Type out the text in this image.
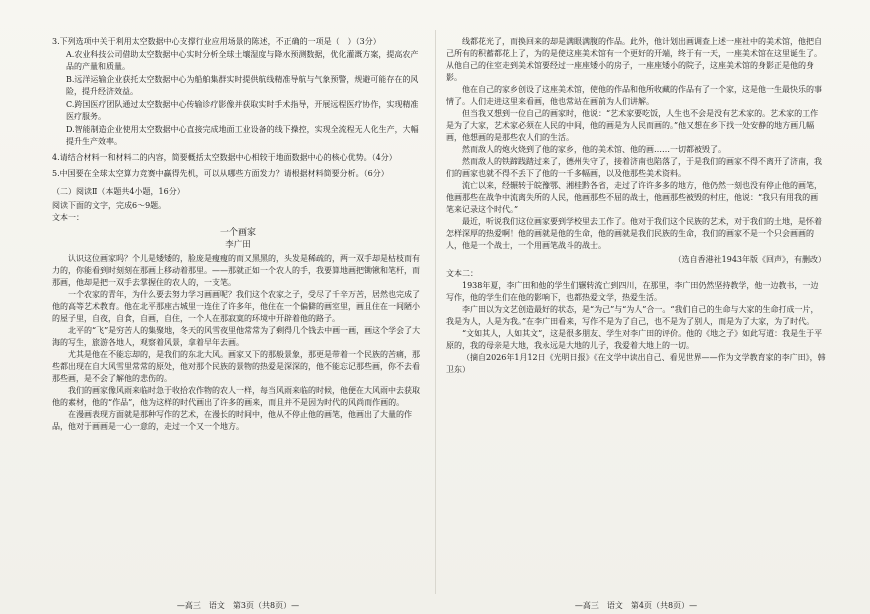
3.下列选项中关于利用太空数据中心支撑行业应用场景的陈述，不正确的一项是（　）（3分）

A.农业科技公司借助太空数据中心实时分析全球土壤湿度与降水预测数据，优化灌溉方案，提高农产品的产量和质量。

B.远洋运输企业获托太空数据中心为船舶集群实时提供航线精准导航与气象预警，规避可能存在的风险，提升经济效益。

C.跨国医疗团队通过太空数据中心传输诊疗影像并获取实时手术指导，开展远程医疗协作，实现精准医疗服务。

D.智能制造企业使用太空数据中心直接完成地面工业设备的线下操控，实现全流程无人化生产，大幅提升生产效率。

4.请结合材料一和材料二的内容，简要概括太空数据中心相较于地面数据中心的核心优势。（4分）

5.中国要在全球太空算力竞赛中赢得先机，可以从哪些方面发力？请根据材料简要分析。（6分）

（二）阅读Ⅱ（本题共4小题，16分）

阅读下面的文字，完成6～9题。

文本一：

一个画家

李广田

认识这位画家吗？个儿是矮矮的，脸庞是瘦瘦的而又黑黑的，头发是稀疏的，两一双手却是枯枝而有力的，你能看到时刻刻在那画上移动着那里。——那就正如一个农人的手，我要算地画把锄锹和笔杆，而那画，他却是把一双手去掌握住的农人的，一支笔。

一个农家的青年，为什么要去努力学习画画呢？我们这个农家之子，受尽了千辛万苦，居然也完成了他的高等艺术教育。他在北平那座古城里一连住了许多年，他住在一个偏僻的画室里，画且住在一间陋小的屋子里，自夜，自食，自画，自住，一个人在那寂寞的环境中开辟着他的路子。

北平的“飞”是穷苦人的集聚地，冬天的风雪夜里他常常为了剩得几个钱去中画一画，画这个学会了大海的写生，旅游各地人，观察着风景，拿着早年去画。

尤其是他在不能忘却的，是我们的东北大风。画家又下的那般景象，那更是带着一个民族的苦痛，那些都出现在自大风雪里常常的原处，他对那个民族的景物的热爱是深深的，他不能忘记那些画，你不去看那些画，是不会了解他的悲伤的。

我们的画家像风雨来临时急于收拾农作物的农人一样，每当风雨来临的时候，他便在大风雨中去获取他的素材，他的“作品”，他为这样的时代画出了许多的画来，而且并不是因为时代的风尚而作画的。

在漫画表现方面就是那种写作的艺术，在漫长的时间中，他从不停止他的画笔，他画出了大量的作品，他对于画画是一心一意的，走过一个又一个地方。

线都花光了，而换回来的却是满眼满腹的作品。此外，他计划出画调查上述一座社中的美术馆，他把自己所有的积蓄都花上了，为的是使这座美术馆有一个更好的开端，终于有一天，一座美术馆在这里诞生了。从他自己的住室走到美术馆要经过一座座矮小的房子，一座座矮小的院子，这座美术馆的身影正是他的身影。

他在自己的家乡创设了这座美术馆，使他的作品和他所收藏的作品有了一个家，这是他一生最快乐的事情了。人们走进这里来看画，他也常站在画前为人们讲解。

但当我又想到一位自己的画家时，他说：“艺术家要吃饭，人生也不会是没有艺术家的。艺术家的工作是为了大家，艺术家必须在人民的中间，他的画是为人民而画的。”他又想在乡下找一处安静的地方画几幅画，他想画的是那些农人们的生活。

然而敌人的炮火烧到了他的家乡，他的美术馆、他的画……一切都被毁了。

然而敌人的铁蹄践踏过来了，德州失守了，接着济南也陷落了，于是我们的画家不得不离开了济南，我们的画家也就不得不丢下了他的一千多幅画，以及他那些美术资料。

流亡以来，经辗转于皖豫鄂、湘桂黔各省，走过了许许多多的地方，他仍然一刻也没有停止他的画笔，他画那些在战争中流离失所的人民，他画那些不屈的战士，他画那些被毁的村庄，他说：“我只有用我的画笔来记录这个时代。”

最近，听说我们这位画家要到学校里去工作了。他对于我们这个民族的艺术，对于我们的土地，是怀着怎样深厚的热爱啊！他的画就是他的生命，他的画就是我们民族的生命，我们的画家不是一个只会画画的人，他是一个战士，一个用画笔战斗的战士。

（选自香港社1943年版《回声》，有删改）

文本二：

1938年夏，李广田和他的学生们辗转流亡到四川，在那里，李广田仍然坚持教学，他一边教书，一边写作，他的学生们在他的影响下，也都热爱文学，热爱生活。

李广田以为文艺创造最好的状态，是“为己”与“为人”合一。“我们自己的生命与大家的生命打成一片，我是为人，人是为我。”在李广田看来，写作不是为了自己，也不是为了别人，而是为了大家，为了时代。

“文如其人，人如其文”，这是很多朋友、学生对李广田的评价。他的《地之子》如此写道：我是生于平原的，我的母亲是大地，我永远是大地的儿子，我爱着大地上的一切。

（摘自2026年1月12日《光明日报》《在文学中读出自己、看见世界——作为文学教育家的李广田》，韩卫东）

—高三　语文　第3页（共8页）—	—高三　语文　第4页（共8页）—
